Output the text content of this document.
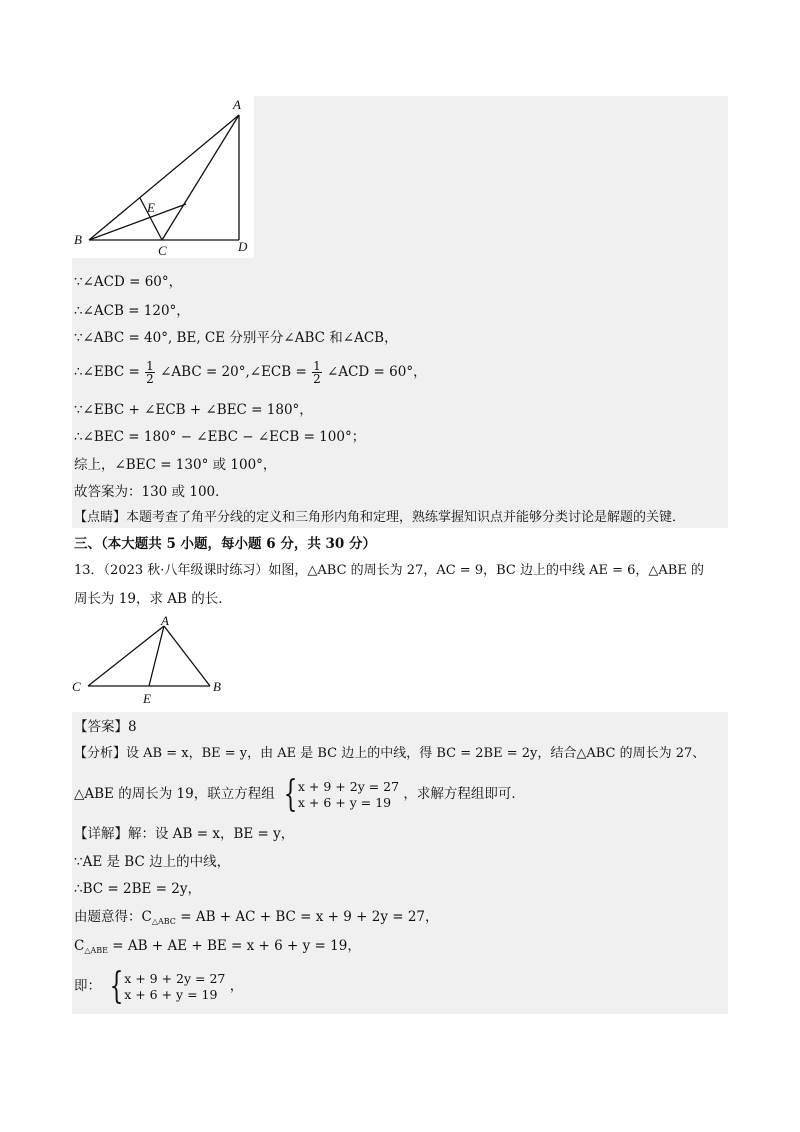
A
B
C	D
E
∵∠ACD = 60°，
∴∠ACB = 120°，
∵∠ABC = 40°, BE, CE 分别平分∠ABC 和∠ACB，
∴∠EBC = $\frac{1}{2}$ ∠ABC = 20°,∠ECB = $\frac{1}{2}$ ∠ACD = 60°，
∵∠EBC + ∠ECB + ∠BEC = 180°，
∴∠BEC = 180° − ∠EBC − ∠ECB = 100°；
综上，∠BEC = 130° 或 100°，
故答案为：130 或 100．
【点睛】本题考查了角平分线的定义和三角形内角和定理，熟练掌握知识点并能够分类讨论是解题的关键．
三、（本大题共 5 小题，每小题 6 分，共 30 分）
13．（2023 秋·八年级课时练习）如图，△ABC 的周长为 27，AC = 9，BC 边上的中线 AE = 6，△ABE 的
周长为 19，求 AB 的长．
A
C	B
E
【答案】8
【分析】设 AB = x，BE = y，由 AE 是 BC 边上的中线，得 BC = 2BE = 2y，结合△ABC 的周长为 27、
△ABE 的周长为 19，联立方程组 { x + 9 + 2y = 27
x + 6 + y = 19 ，求解方程组即可．
【详解】解：设 AB = x，BE = y，
∵AE 是 BC 边上的中线，
∴BC = 2BE = 2y，
由题意得：$C_{\triangle ABC}$ = AB + AC + BC = x + 9 + 2y = 27，
$C_{\triangle ABE}$ = AB + AE + BE = x + 6 + y = 19，
即： { x + 9 + 2y = 27
x + 6 + y = 19 ，
